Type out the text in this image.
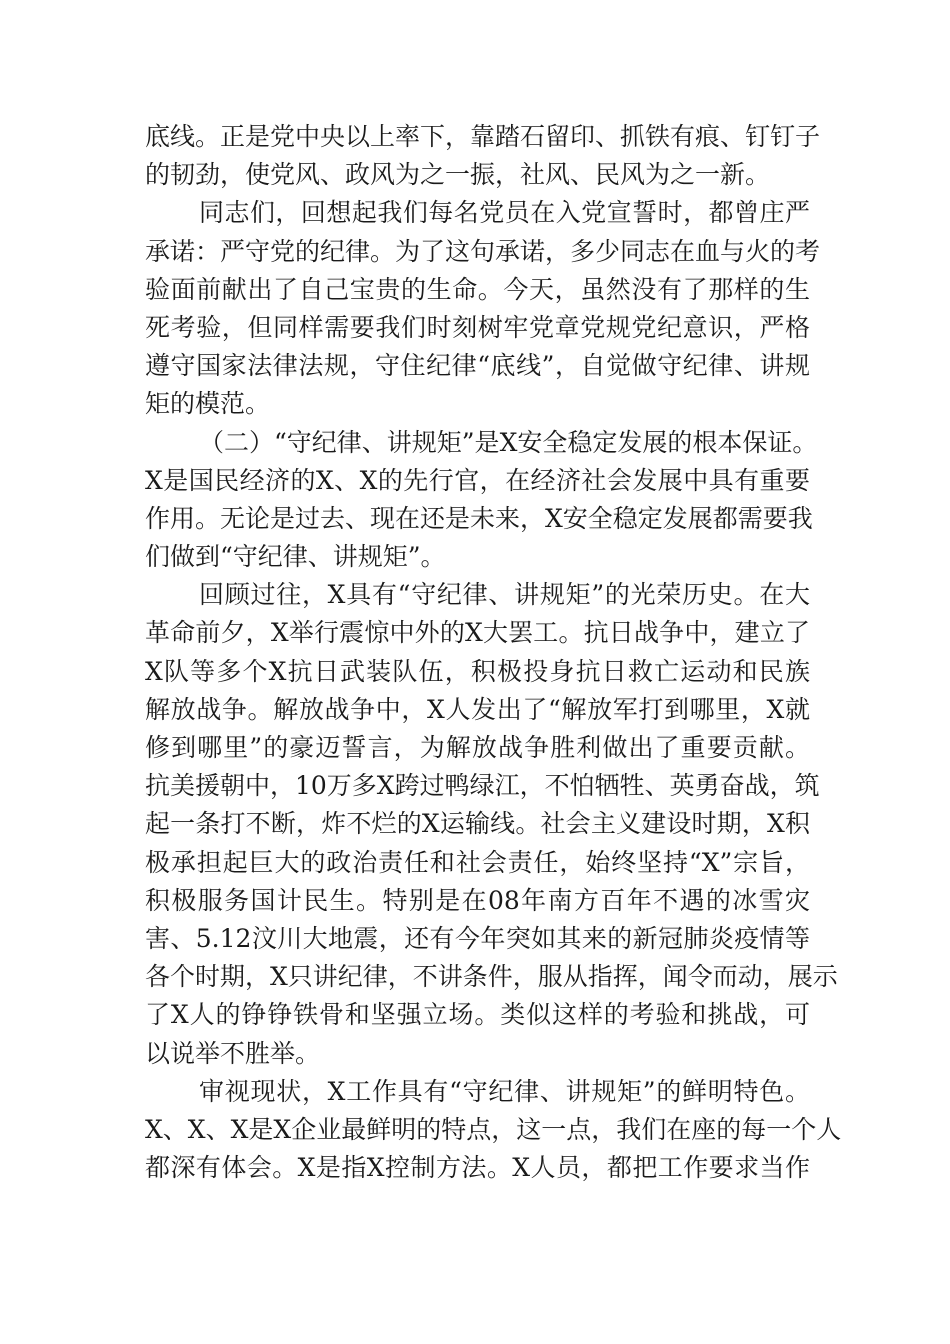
底线。正是党中央以上率下，靠踏石留印、抓铁有痕、钉钉子
的韧劲，使党风、政风为之一振，社风、民风为之一新。
同志们，回想起我们每名党员在入党宣誓时，都曾庄严
承诺：严守党的纪律。为了这句承诺，多少同志在血与火的考
验面前献出了自己宝贵的生命。今天，虽然没有了那样的生
死考验，但同样需要我们时刻树牢党章党规党纪意识，严格
遵守国家法律法规，守住纪律“底线”，自觉做守纪律、讲规
矩的模范。
（二）“守纪律、讲规矩”是X安全稳定发展的根本保证。
X是国民经济的X、X的先行官，在经济社会发展中具有重要
作用。无论是过去、现在还是未来，X安全稳定发展都需要我
们做到“守纪律、讲规矩”。
回顾过往，X具有“守纪律、讲规矩”的光荣历史。在大
革命前夕，X举行震惊中外的X大罢工。抗日战争中，建立了
X队等多个X抗日武装队伍，积极投身抗日救亡运动和民族
解放战争。解放战争中，X人发出了“解放军打到哪里，X就
修到哪里”的豪迈誓言，为解放战争胜利做出了重要贡献。
抗美援朝中，10万多X跨过鸭绿江，不怕牺牲、英勇奋战，筑
起一条打不断，炸不烂的X运输线。社会主义建设时期，X积
极承担起巨大的政治责任和社会责任，始终坚持“X”宗旨，
积极服务国计民生。特别是在08年南方百年不遇的冰雪灾
害、5.12汶川大地震，还有今年突如其来的新冠肺炎疫情等
各个时期，X只讲纪律，不讲条件，服从指挥，闻令而动，展示
了X人的铮铮铁骨和坚强立场。类似这样的考验和挑战，可
以说举不胜举。
审视现状，X工作具有“守纪律、讲规矩”的鲜明特色。
X、X、X是X企业最鲜明的特点，这一点，我们在座的每一个人
都深有体会。X是指X控制方法。X人员，都把工作要求当作
